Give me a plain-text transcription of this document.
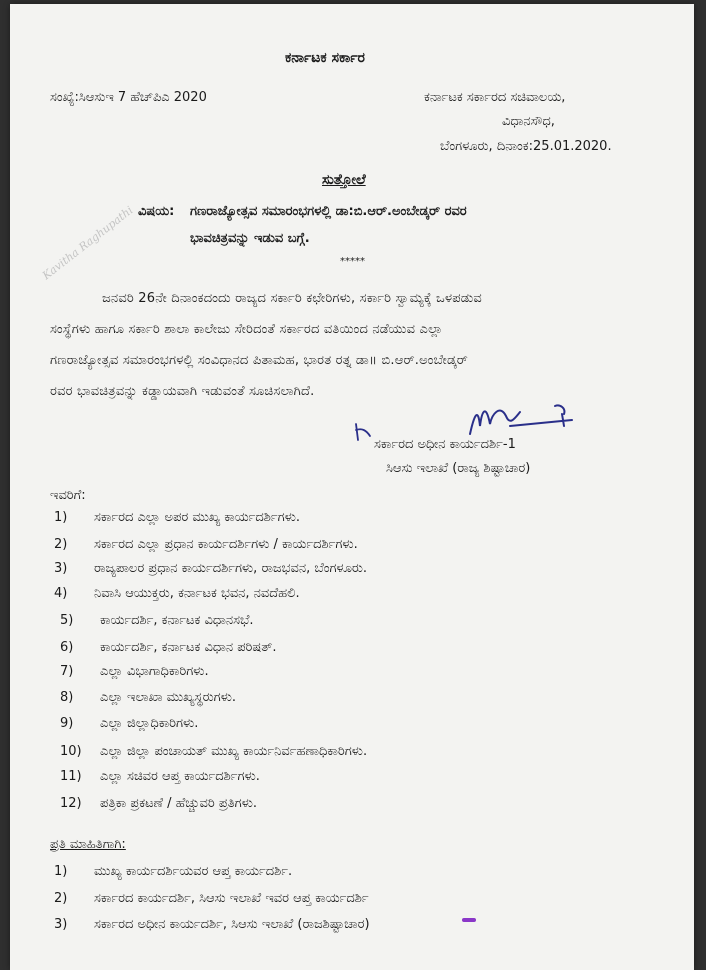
ಕರ್ನಾಟಕ ಸರ್ಕಾರ
ಸಂಖ್ಯೆ:ಸಿಆಸುಇ 7 ಹೆಚ್‌ಪಿಎ 2020	ಕರ್ನಾಟಕ ಸರ್ಕಾರದ ಸಚಿವಾಲಯ,
ವಿಧಾನಸೌಧ,
ಬೆಂಗಳೂರು, ದಿನಾಂಕ:25.01.2020.
ಸುತ್ತೋಲೆ
ವಿಷಯ: ಗಣರಾಜ್ಯೋತ್ಸವ ಸಮಾರಂಭಗಳಲ್ಲಿ ಡಾ:ಬಿ.ಆರ್.ಅಂಬೇಡ್ಕರ್ ರವರ
ಭಾವಚಿತ್ರವನ್ನು ಇಡುವ ಬಗ್ಗೆ.
*****
Kavitha Raghupathi
ಜನವರಿ 26ನೇ ದಿನಾಂಕದಂದು ರಾಜ್ಯದ ಸರ್ಕಾರಿ ಕಛೇರಿಗಳು, ಸರ್ಕಾರಿ ಸ್ವಾಮ್ಯಕ್ಕೆ ಒಳಪಡುವ
ಸಂಸ್ಥೆಗಳು ಹಾಗೂ ಸರ್ಕಾರಿ ಶಾಲಾ ಕಾಲೇಜು ಸೇರಿದಂತೆ ಸರ್ಕಾರದ ವತಿಯಿಂದ ನಡೆಯುವ ಎಲ್ಲಾ
ಗಣರಾಜ್ಯೋತ್ಸವ ಸಮಾರಂಭಗಳಲ್ಲಿ ಸಂವಿಧಾನದ ಪಿತಾಮಹ, ಭಾರತ ರತ್ನ ಡಾ॥ ಬಿ.ಆರ್.ಅಂಬೇಡ್ಕರ್
ರವರ ಭಾವಚಿತ್ರವನ್ನು ಕಡ್ಡಾಯವಾಗಿ ಇಡುವಂತೆ ಸೂಚಿಸಲಾಗಿದೆ.
ಸರ್ಕಾರದ ಅಧೀನ ಕಾರ್ಯದರ್ಶಿ-1
ಸಿಆಸು ಇಲಾಖೆ (ರಾಜ್ಯ ಶಿಷ್ಟಾಚಾರ)
ಇವರಿಗೆ:
1) ಸರ್ಕಾರದ ಎಲ್ಲಾ ಅಪರ ಮುಖ್ಯ ಕಾರ್ಯದರ್ಶಿಗಳು.
2) ಸರ್ಕಾರದ ಎಲ್ಲಾ ಪ್ರಧಾನ ಕಾರ್ಯದರ್ಶಿಗಳು / ಕಾರ್ಯದರ್ಶಿಗಳು.
3) ರಾಜ್ಯಪಾಲರ ಪ್ರಧಾನ ಕಾರ್ಯದರ್ಶಿಗಳು, ರಾಜಭವನ, ಬೆಂಗಳೂರು.
4) ನಿವಾಸಿ ಆಯುಕ್ತರು, ಕರ್ನಾಟಕ ಭವನ, ನವದೆಹಲಿ.
5) ಕಾರ್ಯದರ್ಶಿ, ಕರ್ನಾಟಕ ವಿಧಾನಸಭೆ.
6) ಕಾರ್ಯದರ್ಶಿ, ಕರ್ನಾಟಕ ವಿಧಾನ ಪರಿಷತ್.
7) ಎಲ್ಲಾ ವಿಭಾಗಾಧಿಕಾರಿಗಳು.
8) ಎಲ್ಲಾ ಇಲಾಖಾ ಮುಖ್ಯಸ್ಥರುಗಳು.
9) ಎಲ್ಲಾ ಜಿಲ್ಲಾಧಿಕಾರಿಗಳು.
10) ಎಲ್ಲಾ ಜಿಲ್ಲಾ ಪಂಚಾಯತ್ ಮುಖ್ಯ ಕಾರ್ಯನಿರ್ವಹಣಾಧಿಕಾರಿಗಳು.
11) ಎಲ್ಲಾ ಸಚಿವರ ಆಪ್ತ ಕಾರ್ಯದರ್ಶಿಗಳು.
12) ಪತ್ರಿಕಾ ಪ್ರಕಟಣೆ / ಹೆಚ್ಚುವರಿ ಪ್ರತಿಗಳು.
ಪ್ರತಿ ಮಾಹಿತಿಗಾಗಿ:
1) ಮುಖ್ಯ ಕಾರ್ಯದರ್ಶಿಯವರ ಆಪ್ತ ಕಾರ್ಯದರ್ಶಿ.
2) ಸರ್ಕಾರದ ಕಾರ್ಯದರ್ಶಿ, ಸಿಆಸು ಇಲಾಖೆ ಇವರ ಆಪ್ತ ಕಾರ್ಯದರ್ಶಿ
3) ಸರ್ಕಾರದ ಅಧೀನ ಕಾರ್ಯದರ್ಶಿ, ಸಿಆಸು ಇಲಾಖೆ (ರಾಜಶಿಷ್ಟಾಚಾರ)
